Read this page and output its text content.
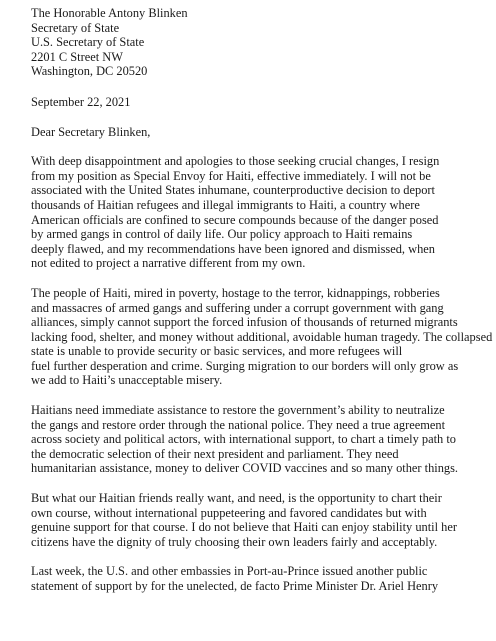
The Honorable Antony Blinken
Secretary of State
U.S. Secretary of State
2201 C Street NW
Washington, DC 20520
September 22, 2021
Dear Secretary Blinken,
With deep disappointment and apologies to those seeking crucial changes, I resign
from my position as Special Envoy for Haiti, effective immediately. I will not be
associated with the United States inhumane, counterproductive decision to deport
thousands of Haitian refugees and illegal immigrants to Haiti, a country where
American officials are confined to secure compounds because of the danger posed
by armed gangs in control of daily life. Our policy approach to Haiti remains
deeply flawed, and my recommendations have been ignored and dismissed, when
not edited to project a narrative different from my own.
The people of Haiti, mired in poverty, hostage to the terror, kidnappings, robberies
and massacres of armed gangs and suffering under a corrupt government with gang
alliances, simply cannot support the forced infusion of thousands of returned migrants
lacking food, shelter, and money without additional, avoidable human tragedy. The collapsed
state is unable to provide security or basic services, and more refugees will
fuel further desperation and crime. Surging migration to our borders will only grow as
we add to Haiti’s unacceptable misery.
Haitians need immediate assistance to restore the government’s ability to neutralize
the gangs and restore order through the national police. They need a true agreement
across society and political actors, with international support, to chart a timely path to
the democratic selection of their next president and parliament. They need
humanitarian assistance, money to deliver COVID vaccines and so many other things.
But what our Haitian friends really want, and need, is the opportunity to chart their
own course, without international puppeteering and favored candidates but with
genuine support for that course. I do not believe that Haiti can enjoy stability until her
citizens have the dignity of truly choosing their own leaders fairly and acceptably.
Last week, the U.S. and other embassies in Port-au-Prince issued another public
statement of support by for the unelected, de facto Prime Minister Dr. Ariel Henry
